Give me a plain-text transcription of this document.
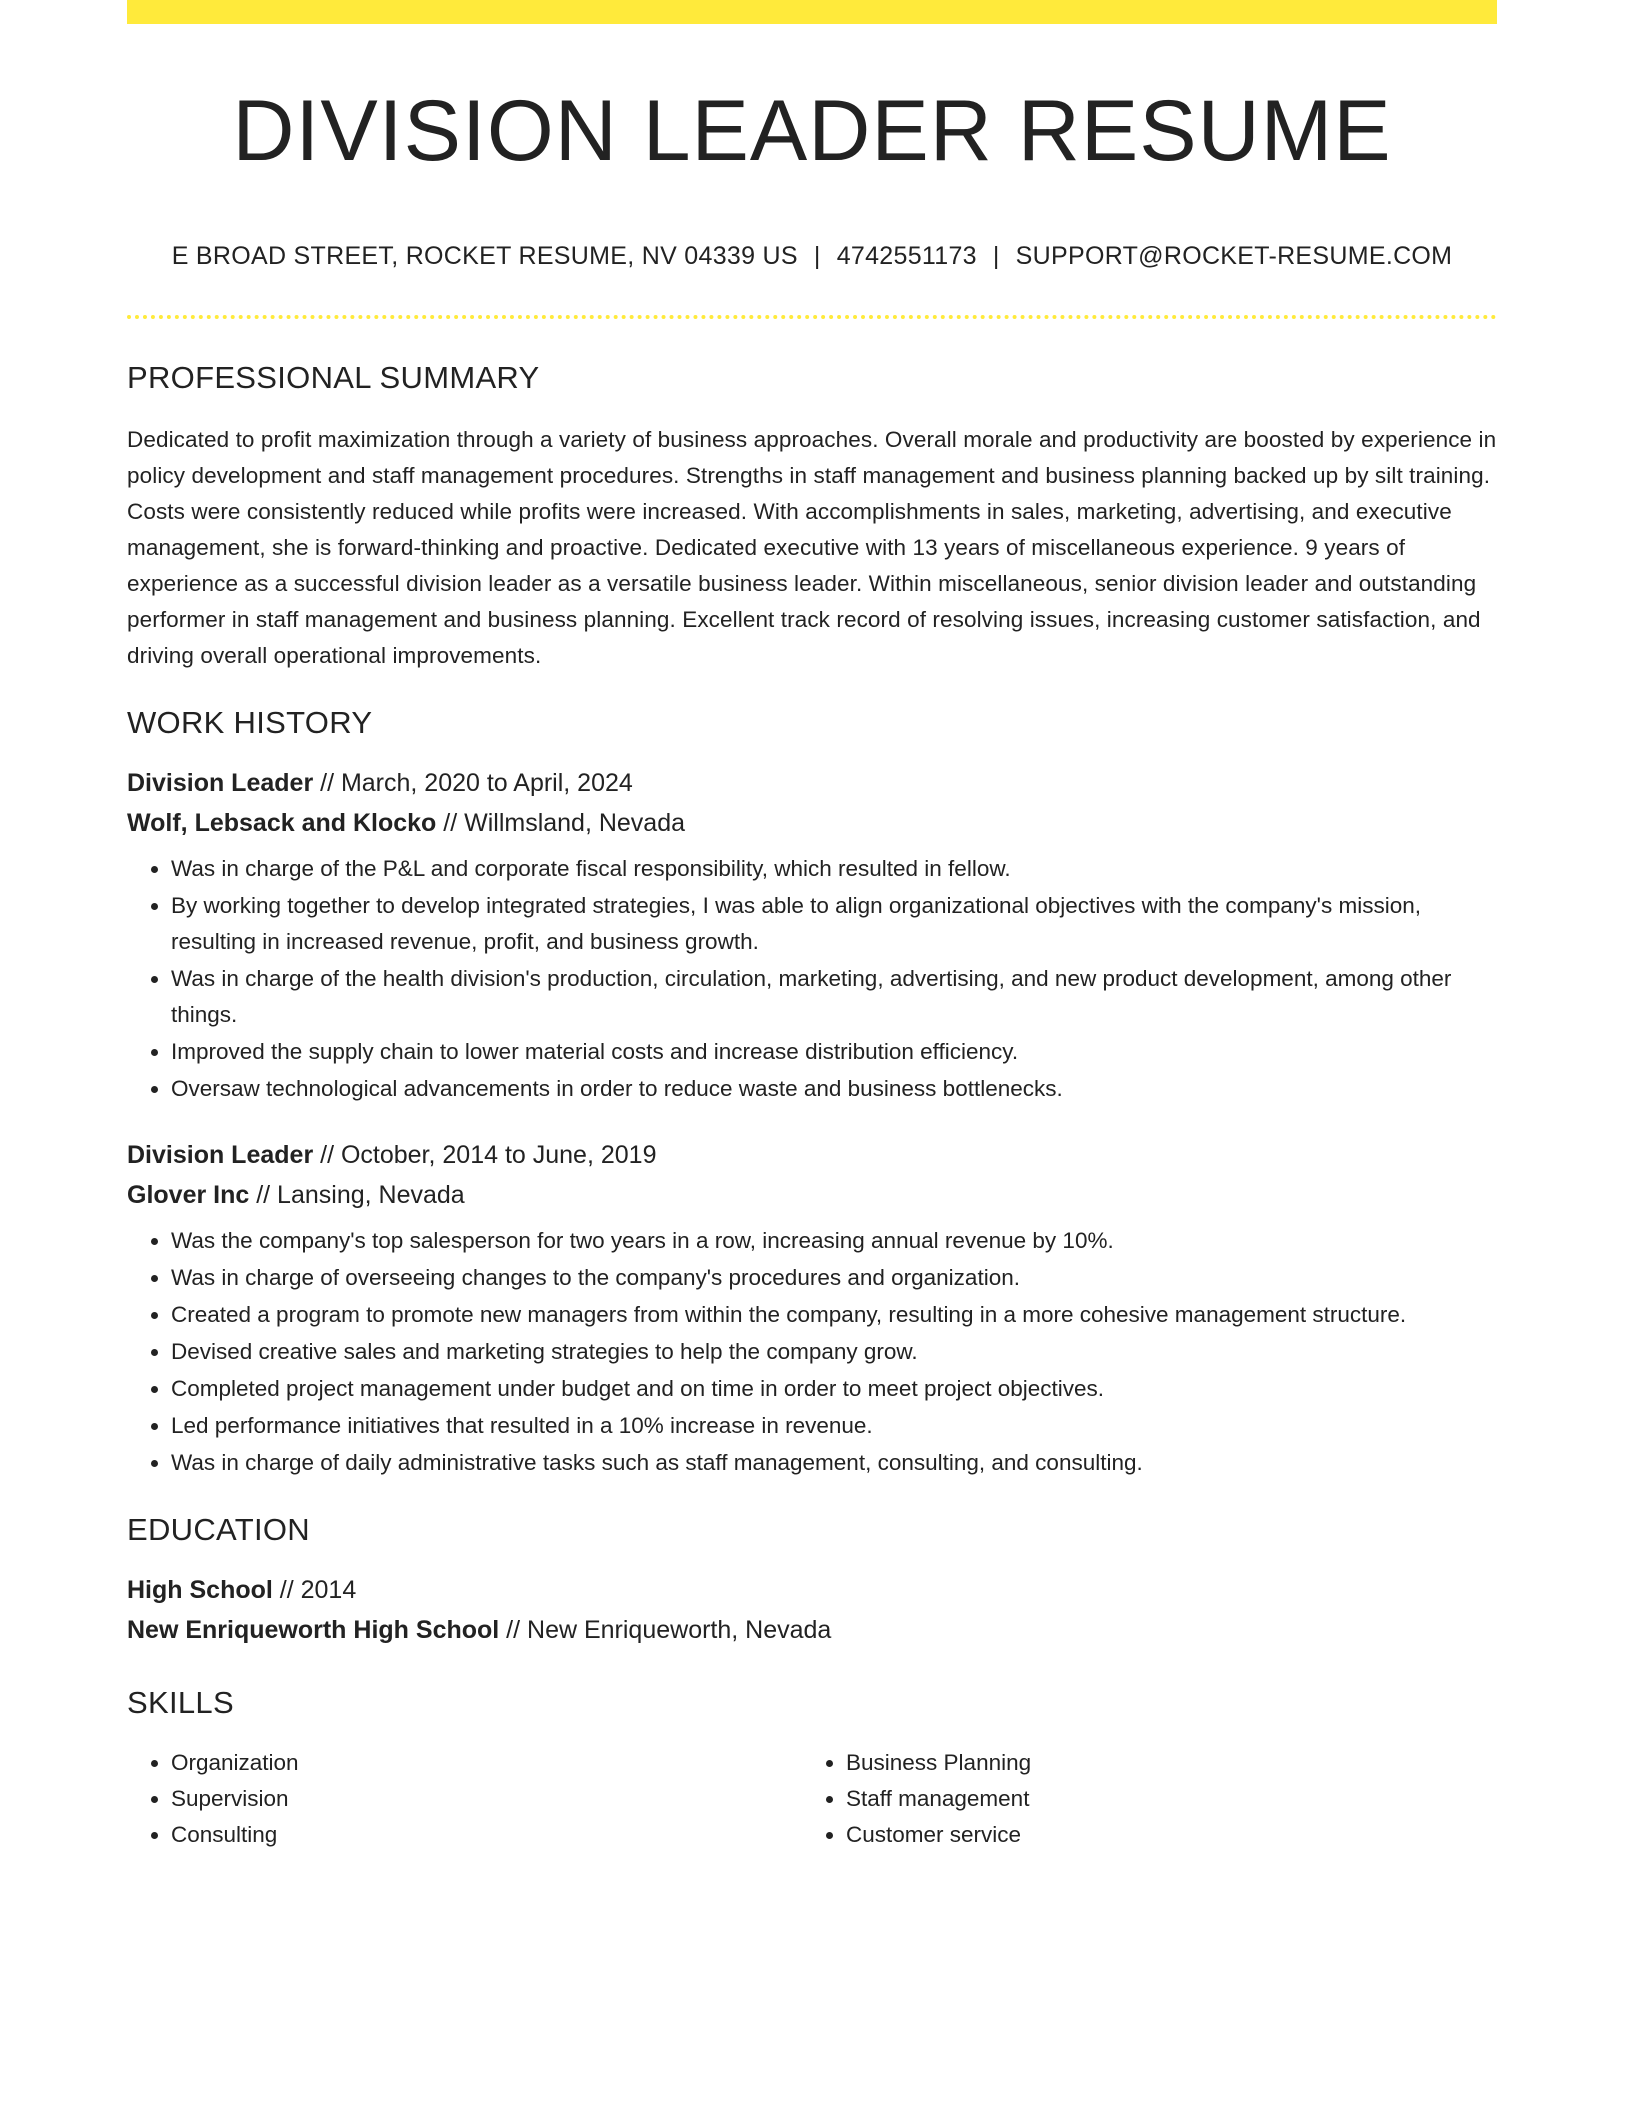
DIVISION LEADER RESUME
E BROAD STREET, ROCKET RESUME, NV 04339 US | 4742551173 | SUPPORT@ROCKET-RESUME.COM
PROFESSIONAL SUMMARY
Dedicated to profit maximization through a variety of business approaches. Overall morale and productivity are boosted by experience in policy development and staff management procedures. Strengths in staff management and business planning backed up by silt training. Costs were consistently reduced while profits were increased. With accomplishments in sales, marketing, advertising, and executive management, she is forward-thinking and proactive. Dedicated executive with 13 years of miscellaneous experience. 9 years of experience as a successful division leader as a versatile business leader. Within miscellaneous, senior division leader and outstanding performer in staff management and business planning. Excellent track record of resolving issues, increasing customer satisfaction, and driving overall operational improvements.
WORK HISTORY
Division Leader // March, 2020 to April, 2024
Wolf, Lebsack and Klocko // Willmsland, Nevada
• Was in charge of the P&L and corporate fiscal responsibility, which resulted in fellow.
• By working together to develop integrated strategies, I was able to align organizational objectives with the company's mission, resulting in increased revenue, profit, and business growth.
• Was in charge of the health division's production, circulation, marketing, advertising, and new product development, among other things.
• Improved the supply chain to lower material costs and increase distribution efficiency.
• Oversaw technological advancements in order to reduce waste and business bottlenecks.
Division Leader // October, 2014 to June, 2019
Glover Inc // Lansing, Nevada
• Was the company's top salesperson for two years in a row, increasing annual revenue by 10%.
• Was in charge of overseeing changes to the company's procedures and organization.
• Created a program to promote new managers from within the company, resulting in a more cohesive management structure.
• Devised creative sales and marketing strategies to help the company grow.
• Completed project management under budget and on time in order to meet project objectives.
• Led performance initiatives that resulted in a 10% increase in revenue.
• Was in charge of daily administrative tasks such as staff management, consulting, and consulting.
EDUCATION
High School // 2014
New Enriqueworth High School // New Enriqueworth, Nevada
SKILLS
• Organization
• Supervision
• Consulting
• Business Planning
• Staff management
• Customer service
